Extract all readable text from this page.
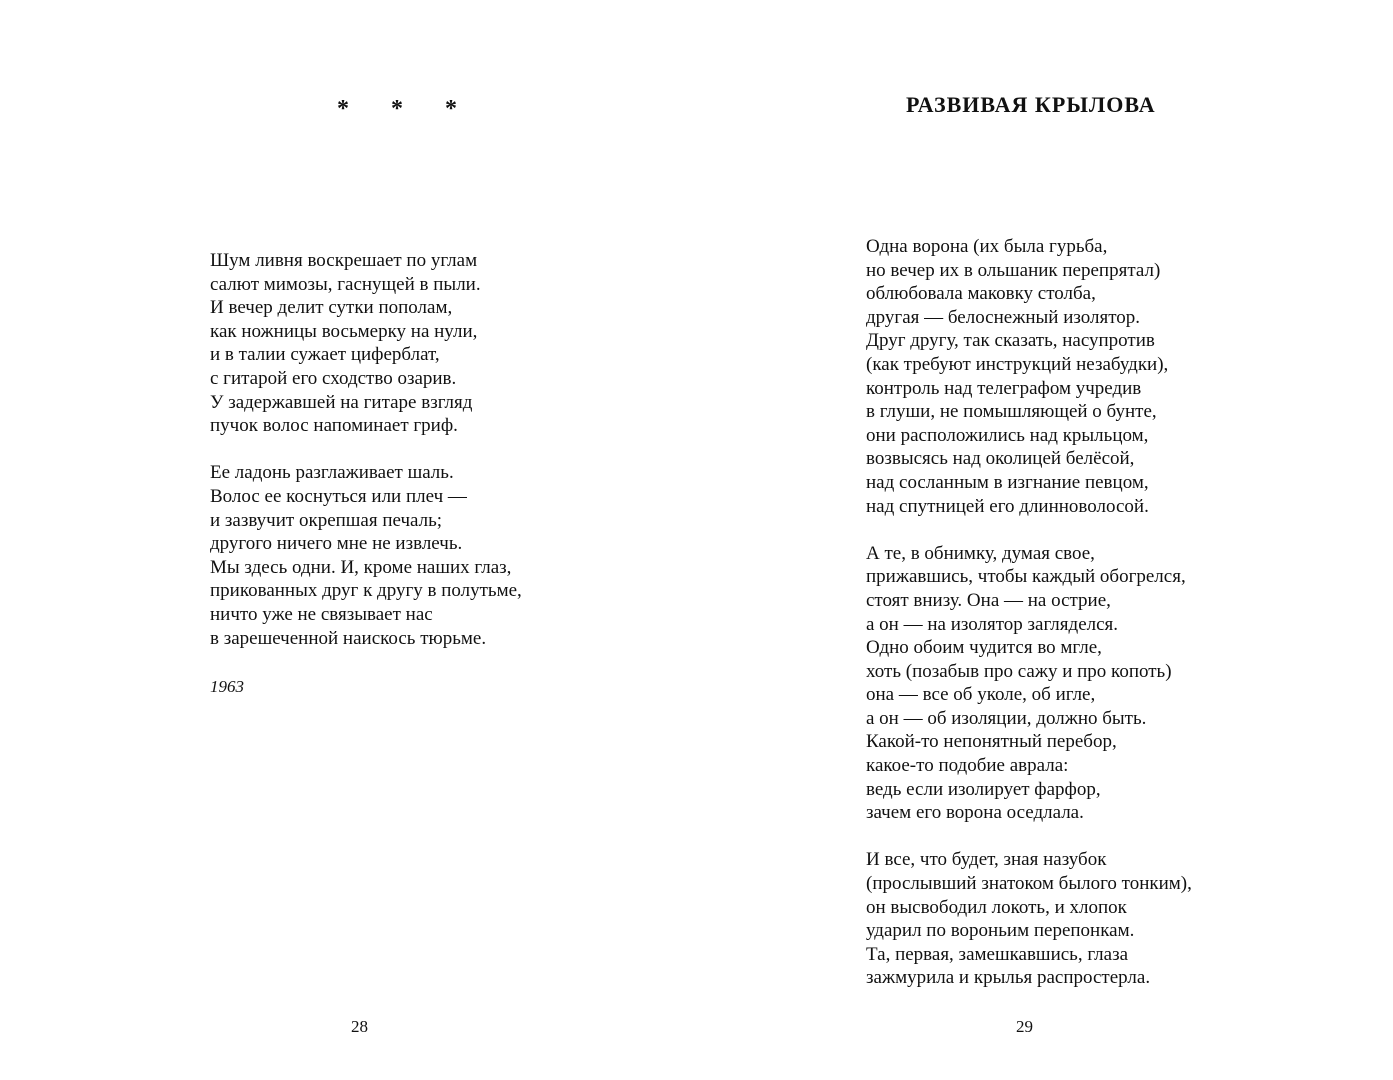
* * *
Шум ливня воскрешает по углам
салют мимозы, гаснущей в пыли.
И вечер делит сутки пополам,
как ножницы восьмерку на нули,
и в талии сужает циферблат,
с гитарой его сходство озарив.
У задержавшей на гитаре взгляд
пучок волос напоминает гриф.
Ее ладонь разглаживает шаль.
Волос ее коснуться или плеч —
и зазвучит окрепшая печаль;
другого ничего мне не извлечь.
Мы здесь одни. И, кроме наших глаз,
прикованных друг к другу в полутьме,
ничто уже не связывает нас
в зарешеченной наискось тюрьме.
1963
28
РАЗВИВАЯ КРЫЛОВА
Одна ворона (их была гурьба,
но вечер их в ольшаник перепрятал)
облюбовала маковку столба,
другая — белоснежный изолятор.
Друг другу, так сказать, насупротив
(как требуют инструкций незабудки),
контроль над телеграфом учредив
в глуши, не помышляющей о бунте,
они расположились над крыльцом,
возвысясь над околицей белёсой,
над сосланным в изгнание певцом,
над спутницей его длинноволосой.
А те, в обнимку, думая свое,
прижавшись, чтобы каждый обогрелся,
стоят внизу. Она — на острие,
а он — на изолятор загляделся.
Одно обоим чудится во мгле,
хоть (позабыв про сажу и про копоть)
она — все об уколе, об игле,
а он — об изоляции, должно быть.
Какой-то непонятный перебор,
какое-то подобие аврала:
ведь если изолирует фарфор,
зачем его ворона оседлала.
И все, что будет, зная назубок
(прослывший знатоком былого тонким),
он высвободил локоть, и хлопок
ударил по вороньим перепонкам.
Та, первая, замешкавшись, глаза
зажмурила и крылья распростерла.
29
